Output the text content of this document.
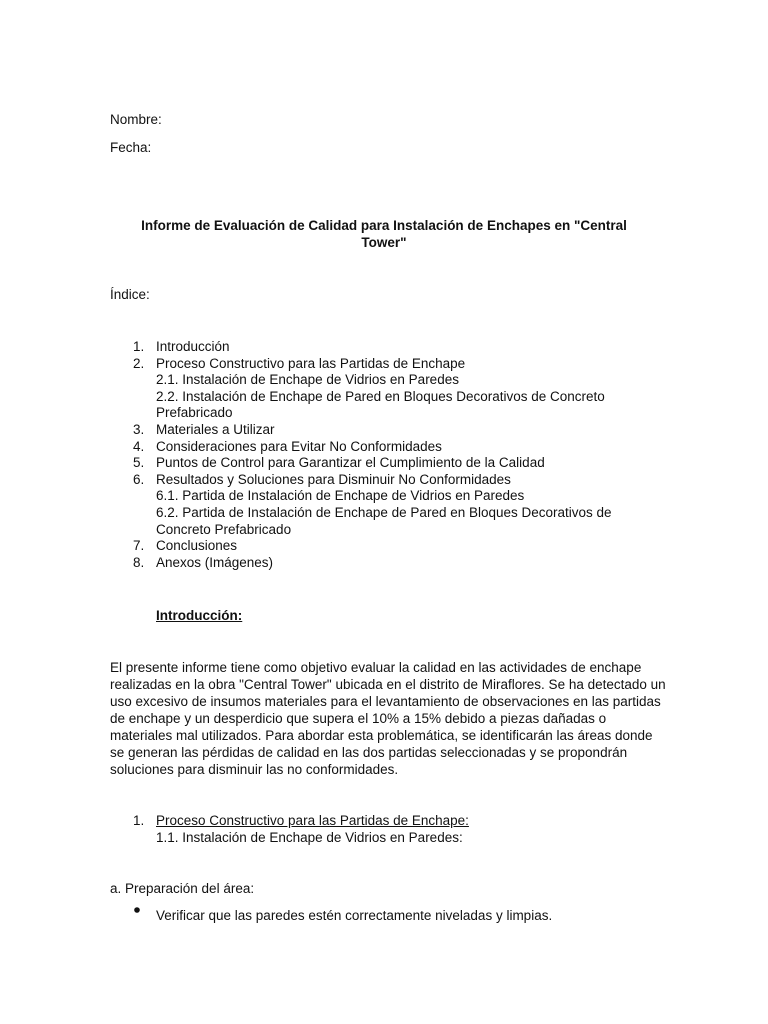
Nombre:
Fecha:
Informe de Evaluación de Calidad para Instalación de Enchapes en "Central Tower"
Índice:
1. Introducción
2. Proceso Constructivo para las Partidas de Enchape
2.1. Instalación de Enchape de Vidrios en Paredes
2.2. Instalación de Enchape de Pared en Bloques Decorativos de Concreto
Prefabricado
3. Materiales a Utilizar
4. Consideraciones para Evitar No Conformidades
5. Puntos de Control para Garantizar el Cumplimiento de la Calidad
6. Resultados y Soluciones para Disminuir No Conformidades
6.1. Partida de Instalación de Enchape de Vidrios en Paredes
6.2. Partida de Instalación de Enchape de Pared en Bloques Decorativos de
Concreto Prefabricado
7. Conclusiones
8. Anexos (Imágenes)
Introducción:
El presente informe tiene como objetivo evaluar la calidad en las actividades de enchape realizadas en la obra "Central Tower" ubicada en el distrito de Miraflores. Se ha detectado un uso excesivo de insumos materiales para el levantamiento de observaciones en las partidas de enchape y un desperdicio que supera el 10% a 15% debido a piezas dañadas o materiales mal utilizados. Para abordar esta problemática, se identificarán las áreas donde se generan las pérdidas de calidad en las dos partidas seleccionadas y se propondrán soluciones para disminuir las no conformidades.
1. Proceso Constructivo para las Partidas de Enchape:
1.1. Instalación de Enchape de Vidrios en Paredes:
a. Preparación del área:
Verificar que las paredes estén correctamente niveladas y limpias.
